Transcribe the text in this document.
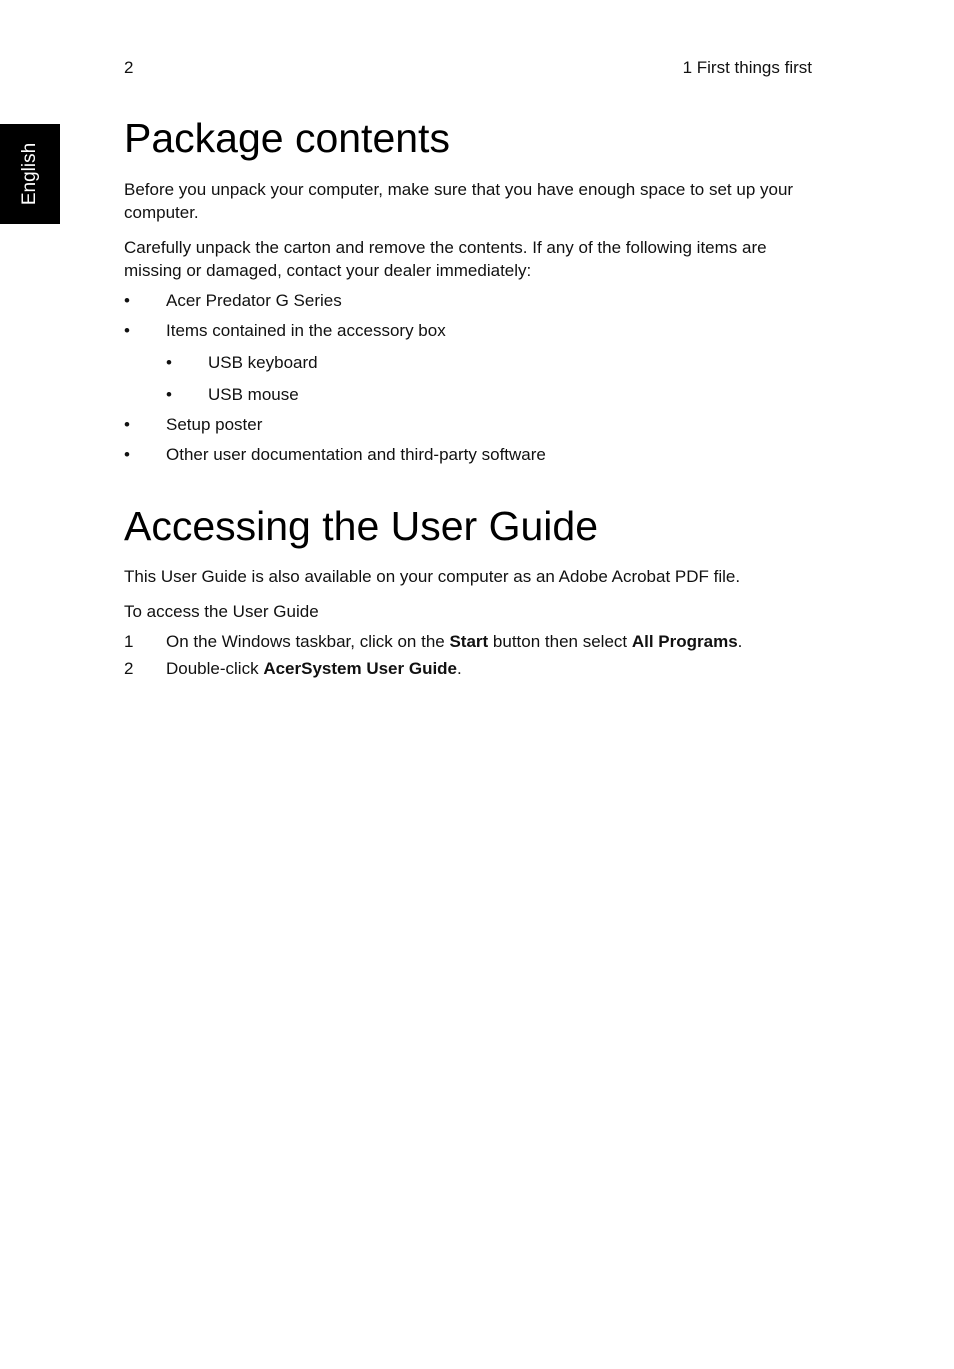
2	1 First things first
English
Package contents

Before you unpack your computer, make sure that you have enough space to set up your computer.

Carefully unpack the carton and remove the contents. If any of the following items are missing or damaged, contact your dealer immediately:

• Acer Predator G Series
• Items contained in the accessory box
• USB keyboard
• USB mouse
• Setup poster
• Other user documentation and third-party software
Accessing the User Guide

This User Guide is also available on your computer as an Adobe Acrobat PDF file.

To access the User Guide

1 On the Windows taskbar, click on the Start button then select All Programs.
2 Double-click AcerSystem User Guide.
